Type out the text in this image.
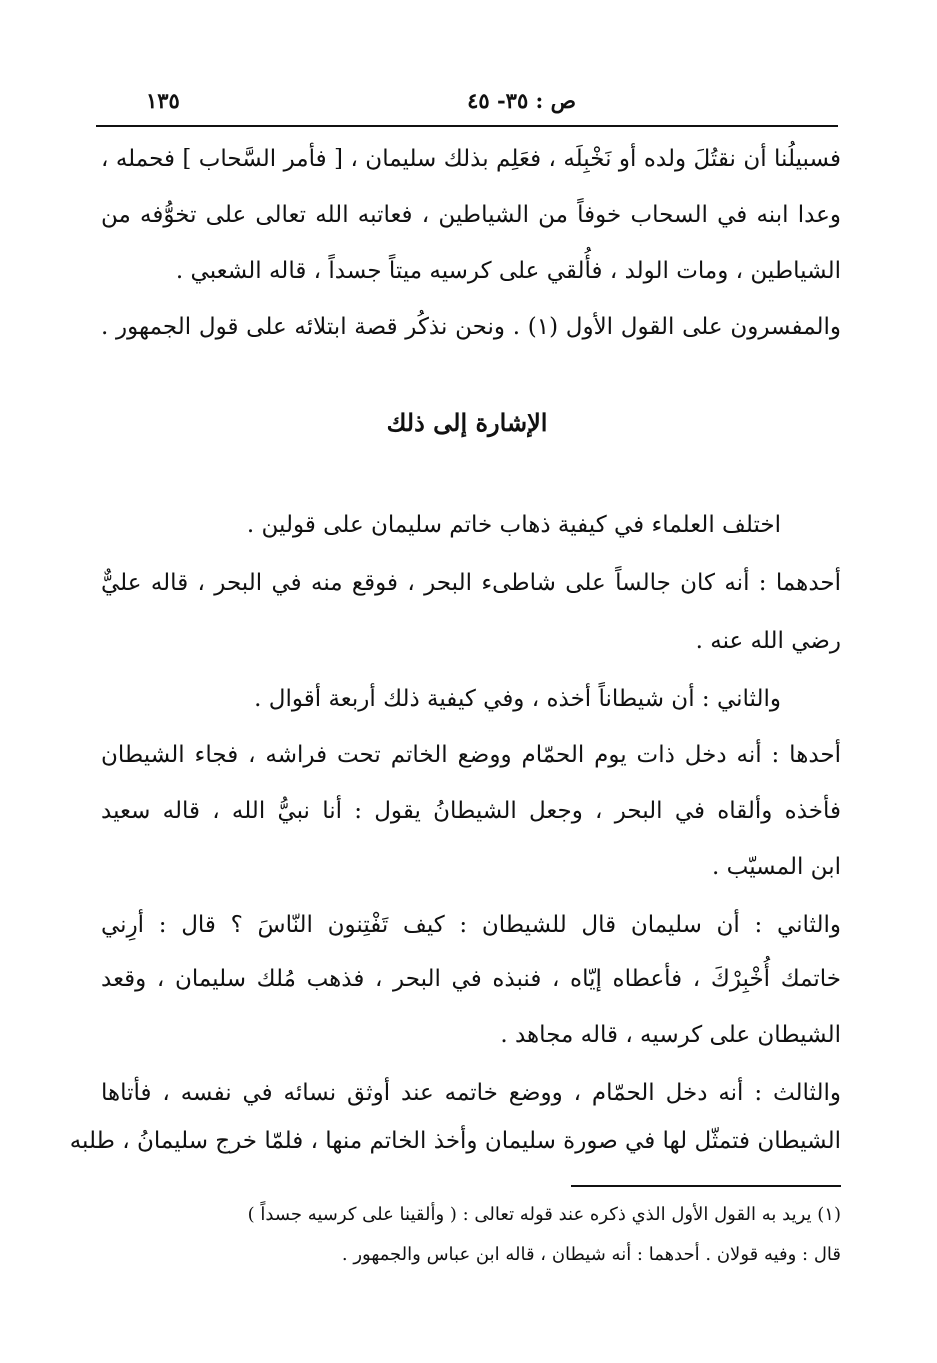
ص : ٣٥- ٤٥
١٣٥
فسبيلُنا أن نقتُلَ ولده أو نَخْبِلَه ، فعَلِم بذلك سليمان ، [ فأمر السَّحاب ] فحمله ،
وعدا ابنه في السحاب خوفاً من الشياطين ، فعاتبه الله تعالى على تخوُّفه من
الشياطين ، ومات الولد ، فأُلقي على كرسيه ميتاً جسداً ، قاله الشعبي .
والمفسرون على القول الأول (١) . ونحن نذكُر قصة ابتلائه على قول الجمهور .
الإشارة إلى ذلك
اختلف العلماء في كيفية ذهاب خاتم سليمان على قولين .
أحدهما : أنه كان جالساً على شاطىء البحر ، فوقع منه في البحر ، قاله عليٌّ
رضي الله عنه .
والثاني : أن شيطاناً أخذه ، وفي كيفية ذلك أربعة أقوال .
أحدها : أنه دخل ذات يوم الحمّام ووضع الخاتم تحت فراشه ، فجاء الشيطان
فأخذه وألقاه في البحر ، وجعل الشيطانُ يقول : أنا نبيُّ الله ، قاله سعيد
ابن المسيّب .
والثاني : أن سليمان قال للشيطان : كيف تَفْتِنون النّاسَ ؟ قال : أرِني
خاتمك أُخْبِرْكَ ، فأعطاه إيّاه ، فنبذه في البحر ، فذهب مُلك سليمان ، وقعد
الشيطان على كرسيه ، قاله مجاهد .
والثالث : أنه دخل الحمّام ، ووضع خاتمه عند أوثق نسائه في نفسه ، فأتاها
الشيطان فتمثّل لها في صورة سليمان وأخذ الخاتم منها ، فلمّا خرج سليمانُ ، طلبه
(١) يريد به القول الأول الذي ذكره عند قوله تعالى : ( وألقينا على كرسيه جسداً )
قال : وفيه قولان . أحدهما : أنه شيطان ، قاله ابن عباس والجمهور .
